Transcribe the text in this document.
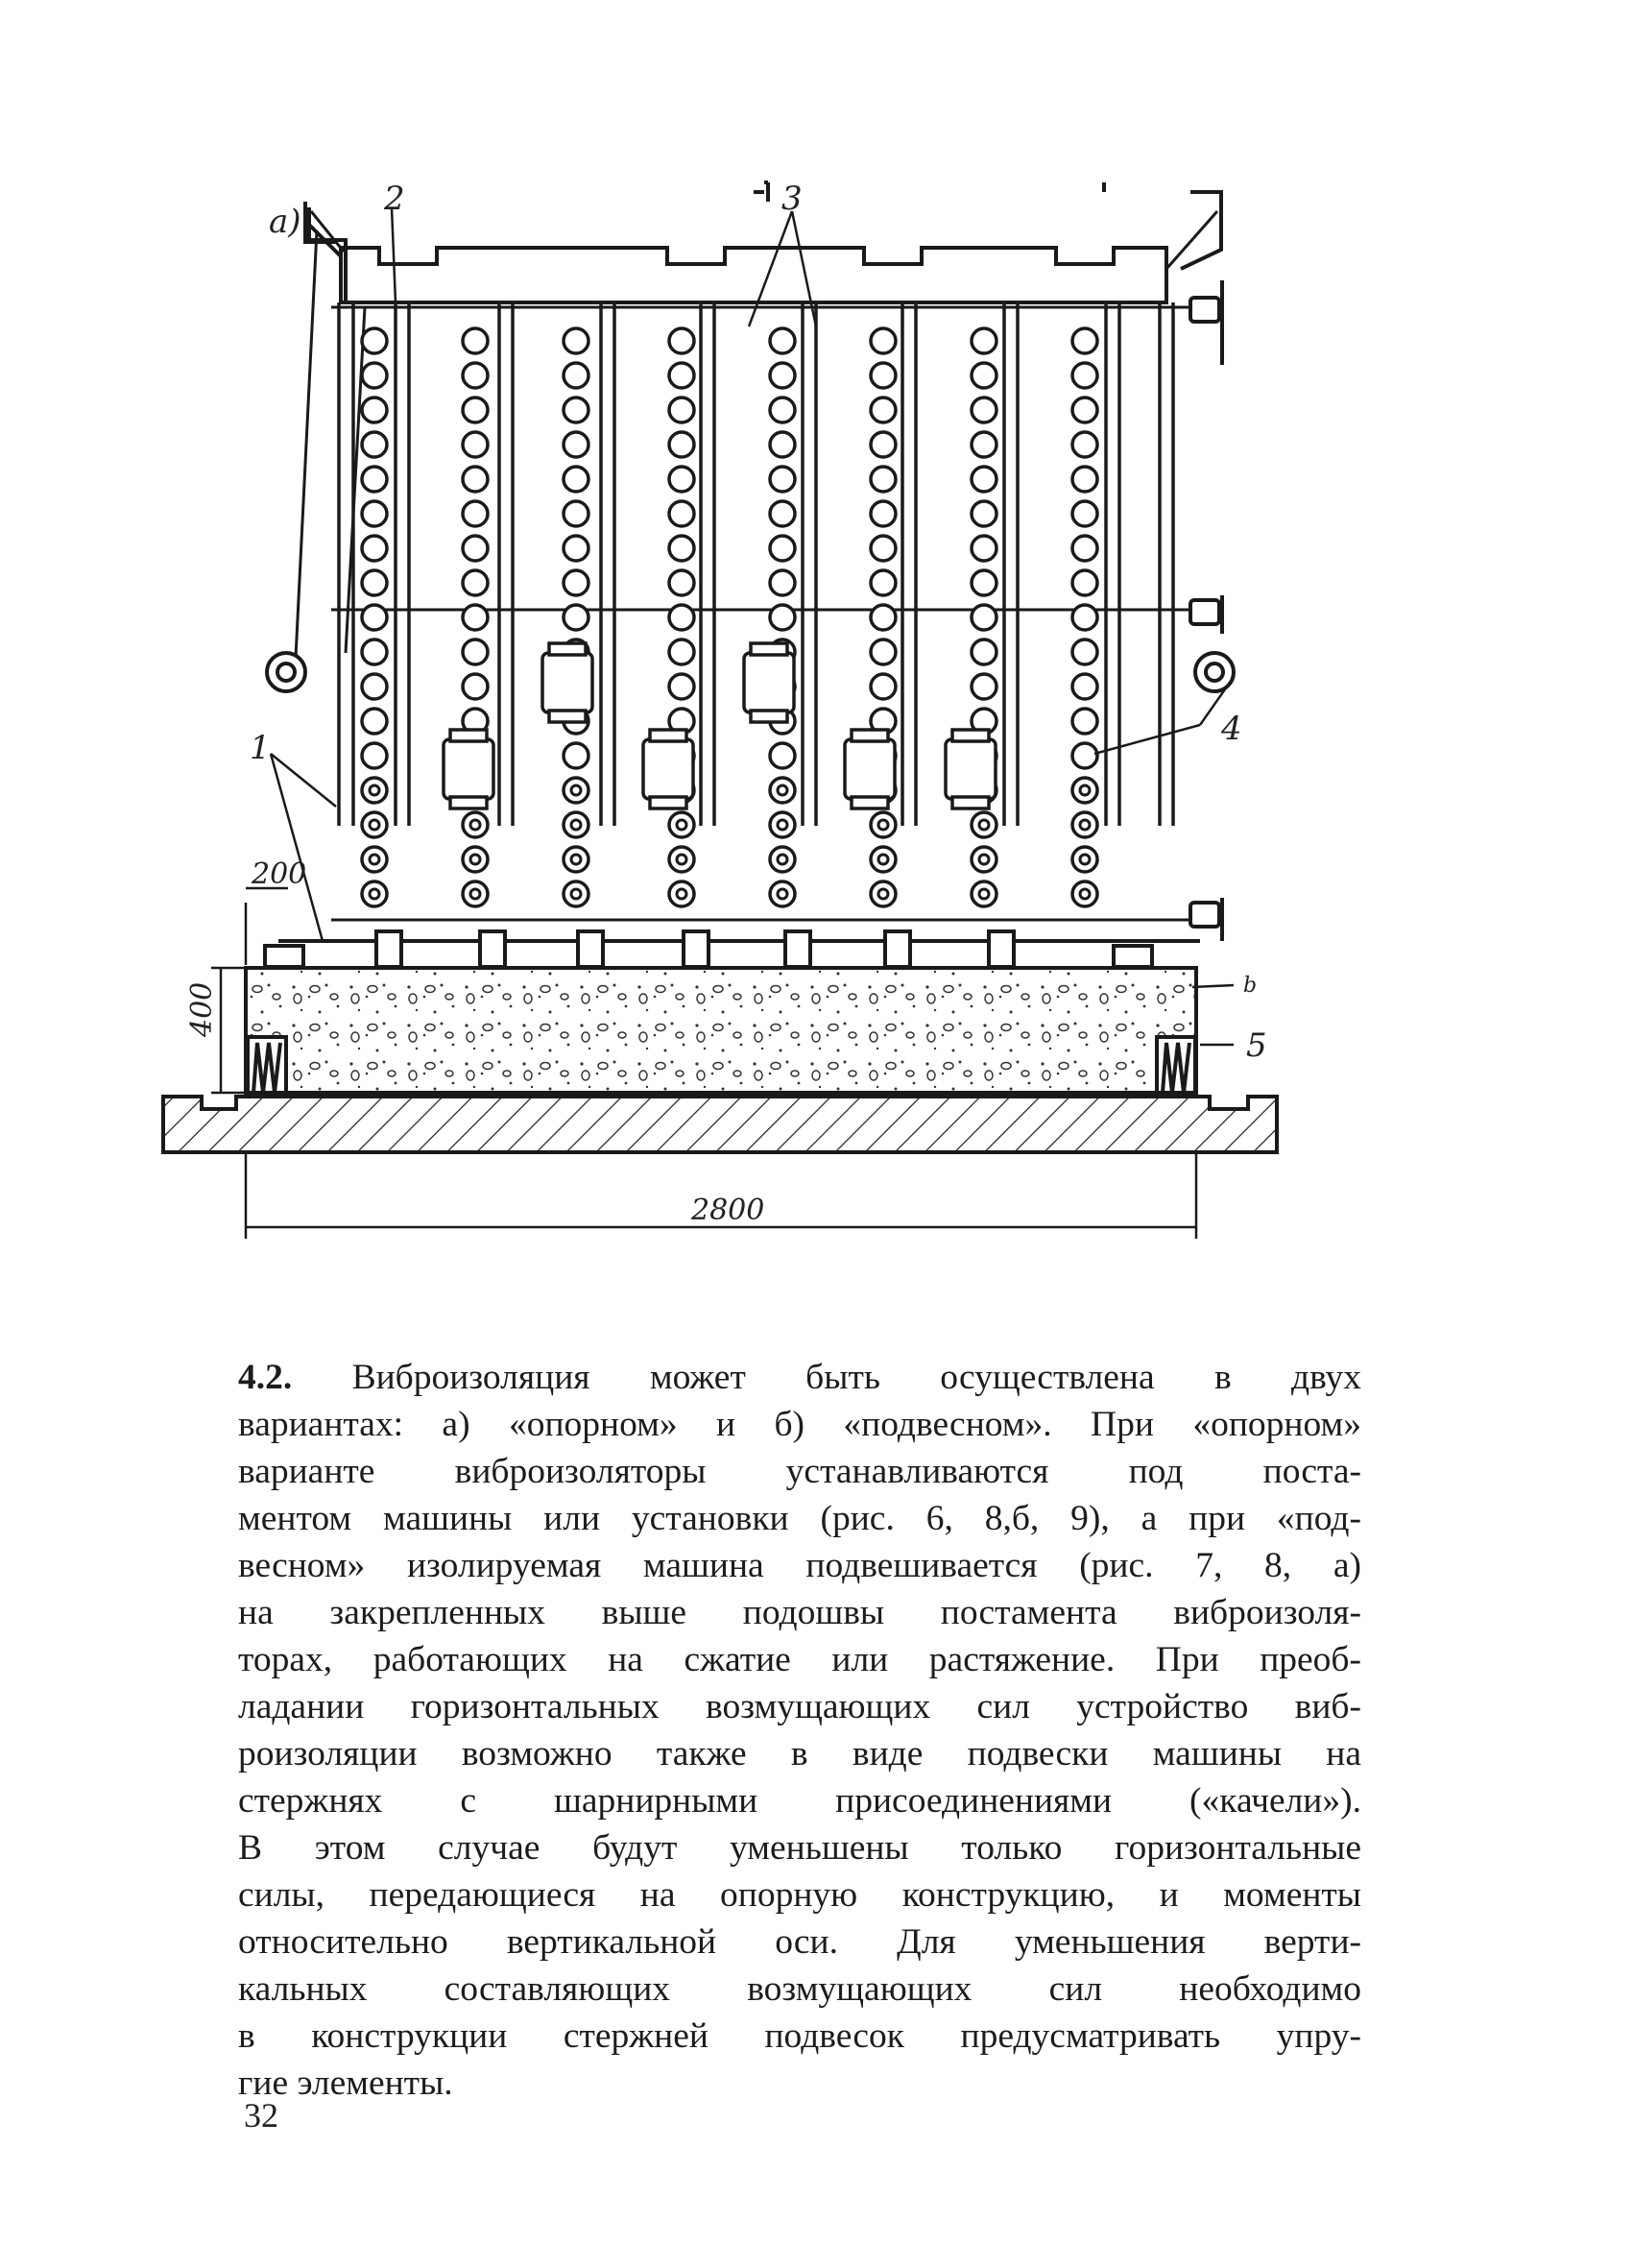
a)
1
2	3
4
5
b
200
400
2800
4.2. Виброизоляция может быть осуществлена в двух
вариантах: а) «опорном» и б) «подвесном». При «опорном»
варианте виброизоляторы устанавливаются под поста-
ментом машины или установки (рис. 6, 8,б, 9), а при «под-
весном» изолируемая машина подвешивается (рис. 7, 8, а)
на закрепленных выше подошвы постамента виброизоля-
торах, работающих на сжатие или растяжение. При преоб-
ладании горизонтальных возмущающих сил устройство виб-
роизоляции возможно также в виде подвески машины на
стержнях с шарнирными присоединениями («качели»).
В этом случае будут уменьшены только горизонтальные
силы, передающиеся на опорную конструкцию, и моменты
относительно вертикальной оси. Для уменьшения верти-
кальных составляющих возмущающих сил необходимо
в конструкции стержней подвесок предусматривать упру-
гие элементы.
32
